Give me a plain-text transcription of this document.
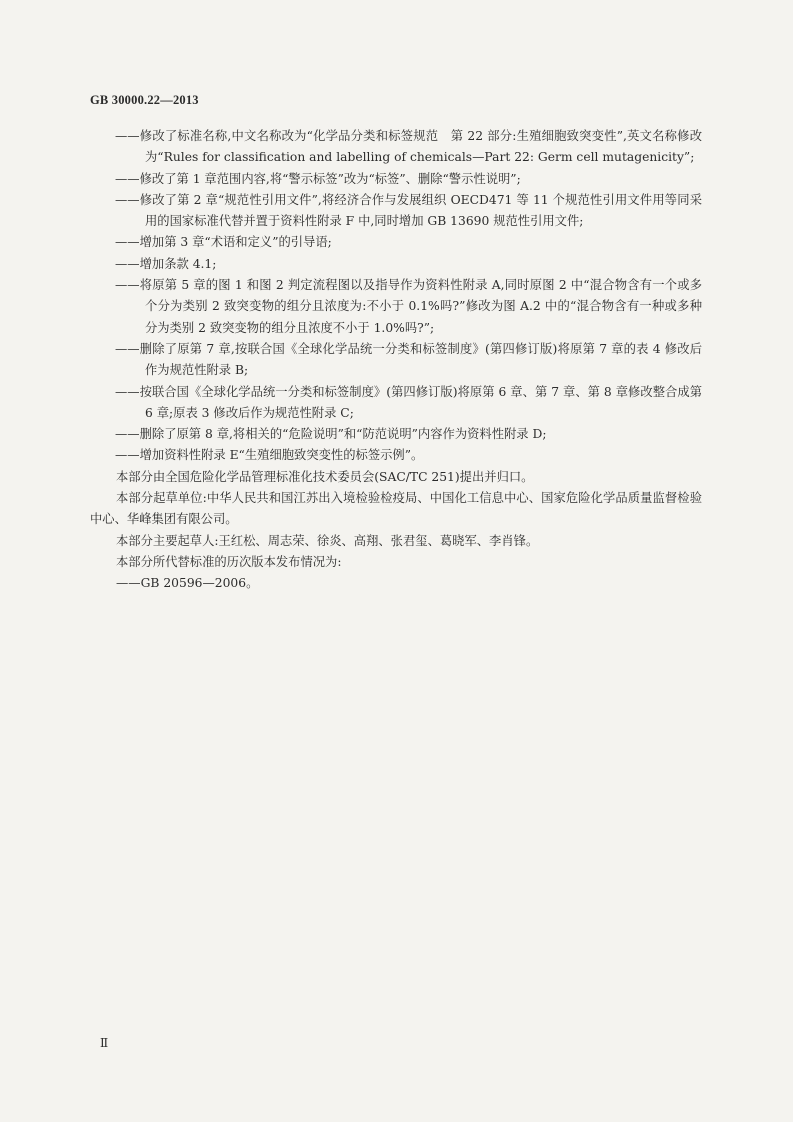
GB 30000.22—2013

——修改了标准名称,中文名称改为“化学品分类和标签规范　第 22 部分:生殖细胞致突变性”,英文名称修改为“Rules for classification and labelling of chemicals—Part 22: Germ cell mutagenicity”;

——修改了第 1 章范围内容,将“警示标签”改为“标签”、删除“警示性说明”;

——修改了第 2 章“规范性引用文件”,将经济合作与发展组织 OECD471 等 11 个规范性引用文件用等同采用的国家标准代替并置于资料性附录 F 中,同时增加 GB 13690 规范性引用文件;

——增加第 3 章“术语和定义”的引导语;

——增加条款 4.1;

——将原第 5 章的图 1 和图 2 判定流程图以及指导作为资料性附录 A,同时原图 2 中“混合物含有一个或多个分为类别 2 致突变物的组分且浓度为:不小于 0.1%吗?”修改为图 A.2 中的“混合物含有一种或多种分为类别 2 致突变物的组分且浓度不小于 1.0%吗?”;

——删除了原第 7 章,按联合国《全球化学品统一分类和标签制度》(第四修订版)将原第 7 章的表 4 修改后作为规范性附录 B;

——按联合国《全球化学品统一分类和标签制度》(第四修订版)将原第 6 章、第 7 章、第 8 章修改整合成第 6 章;原表 3 修改后作为规范性附录 C;

——删除了原第 8 章,将相关的“危险说明”和“防范说明”内容作为资料性附录 D;

——增加资料性附录 E“生殖细胞致突变性的标签示例”。

本部分由全国危险化学品管理标准化技术委员会(SAC/TC 251)提出并归口。

本部分起草单位:中华人民共和国江苏出入境检验检疫局、中国化工信息中心、国家危险化学品质量监督检验中心、华峰集团有限公司。

本部分主要起草人:王红松、周志荣、徐炎、高翔、张君玺、葛晓军、李肖锋。

本部分所代替标准的历次版本发布情况为:

——GB 20596—2006。

Ⅱ
